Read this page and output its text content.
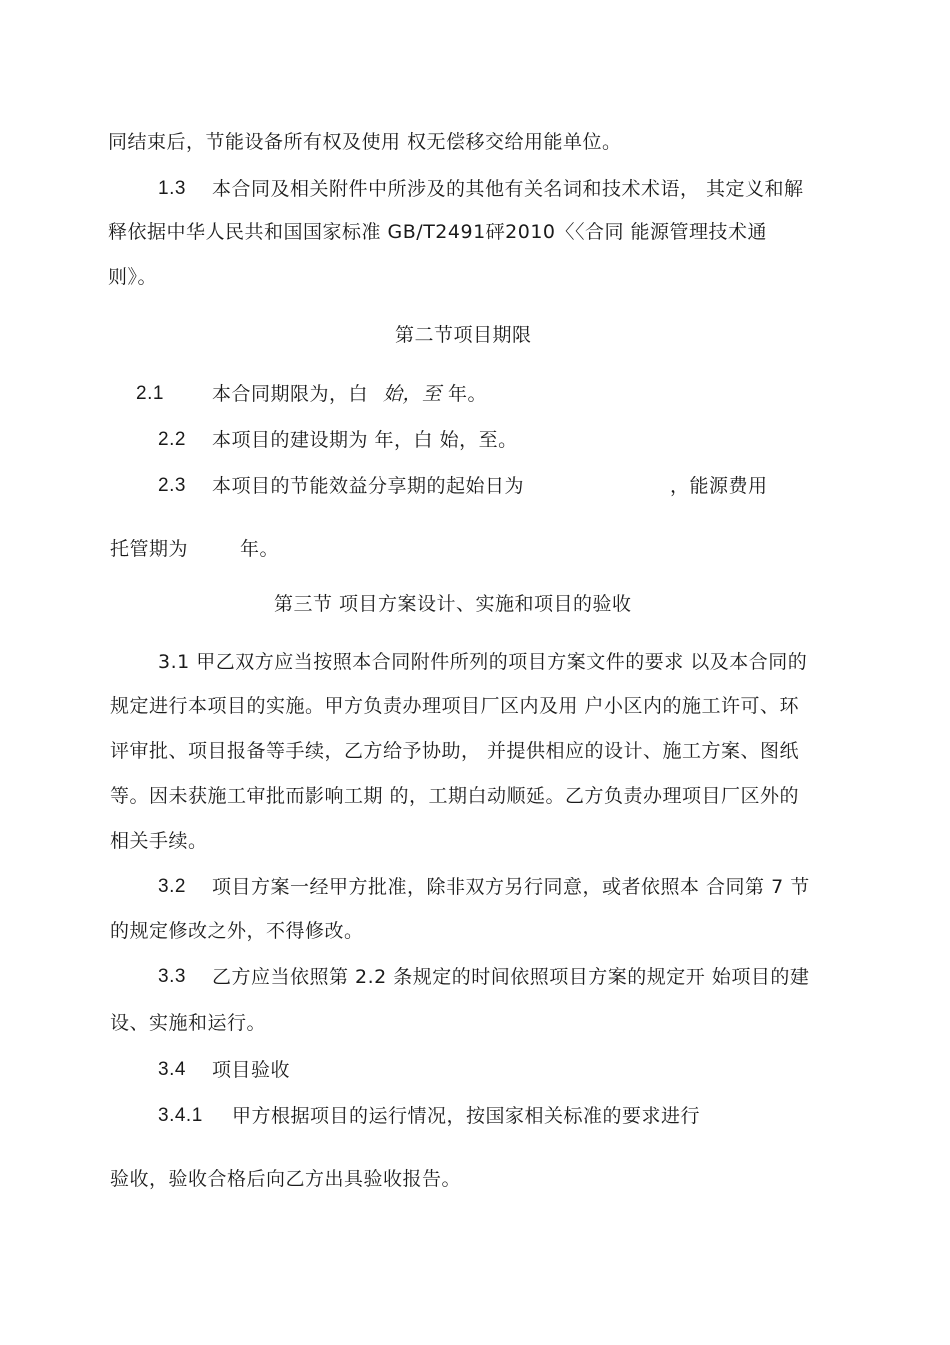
同结束后，节能设备所有权及使用 权无偿移交给用能单位。
1.3 本合同及相关附件中所涉及的其他有关名词和技术术语， 其定义和解
释依据中华人民共和国国家标准 GB/T2491砰2010〈〈合同 能源管理技术通
则》。
第二节项目期限
2.1	本合同期限为，白 始，至 年。
2.2 本项目的建设期为 年，白 始，至。
2.3 本项目的节能效益分享期的起始日为	，能源费用
托管期为	年。
第三节 项目方案设计、实施和项目的验收
3.1 甲乙双方应当按照本合同附件所列的项目方案文件的要求 以及本合同的
规定进行本项目的实施。甲方负责办理项目厂区内及用 户小区内的施工许可、环
评审批、项目报备等手续，乙方给予协助， 并提供相应的设计、施工方案、图纸
等。因未获施工审批而影响工期 的，工期白动顺延。乙方负责办理项目厂区外的
相关手续。
3.2 项目方案一经甲方批准，除非双方另行同意，或者依照本 合同第 7 节
的规定修改之外，不得修改。
3.3 乙方应当依照第 2.2 条规定的时间依照项目方案的规定开 始项目的建
设、实施和运行。
3.4 项目验收
3.4.1 甲方根据项目的运行情况，按国家相关标准的要求进行
验收，验收合格后向乙方出具验收报告。
